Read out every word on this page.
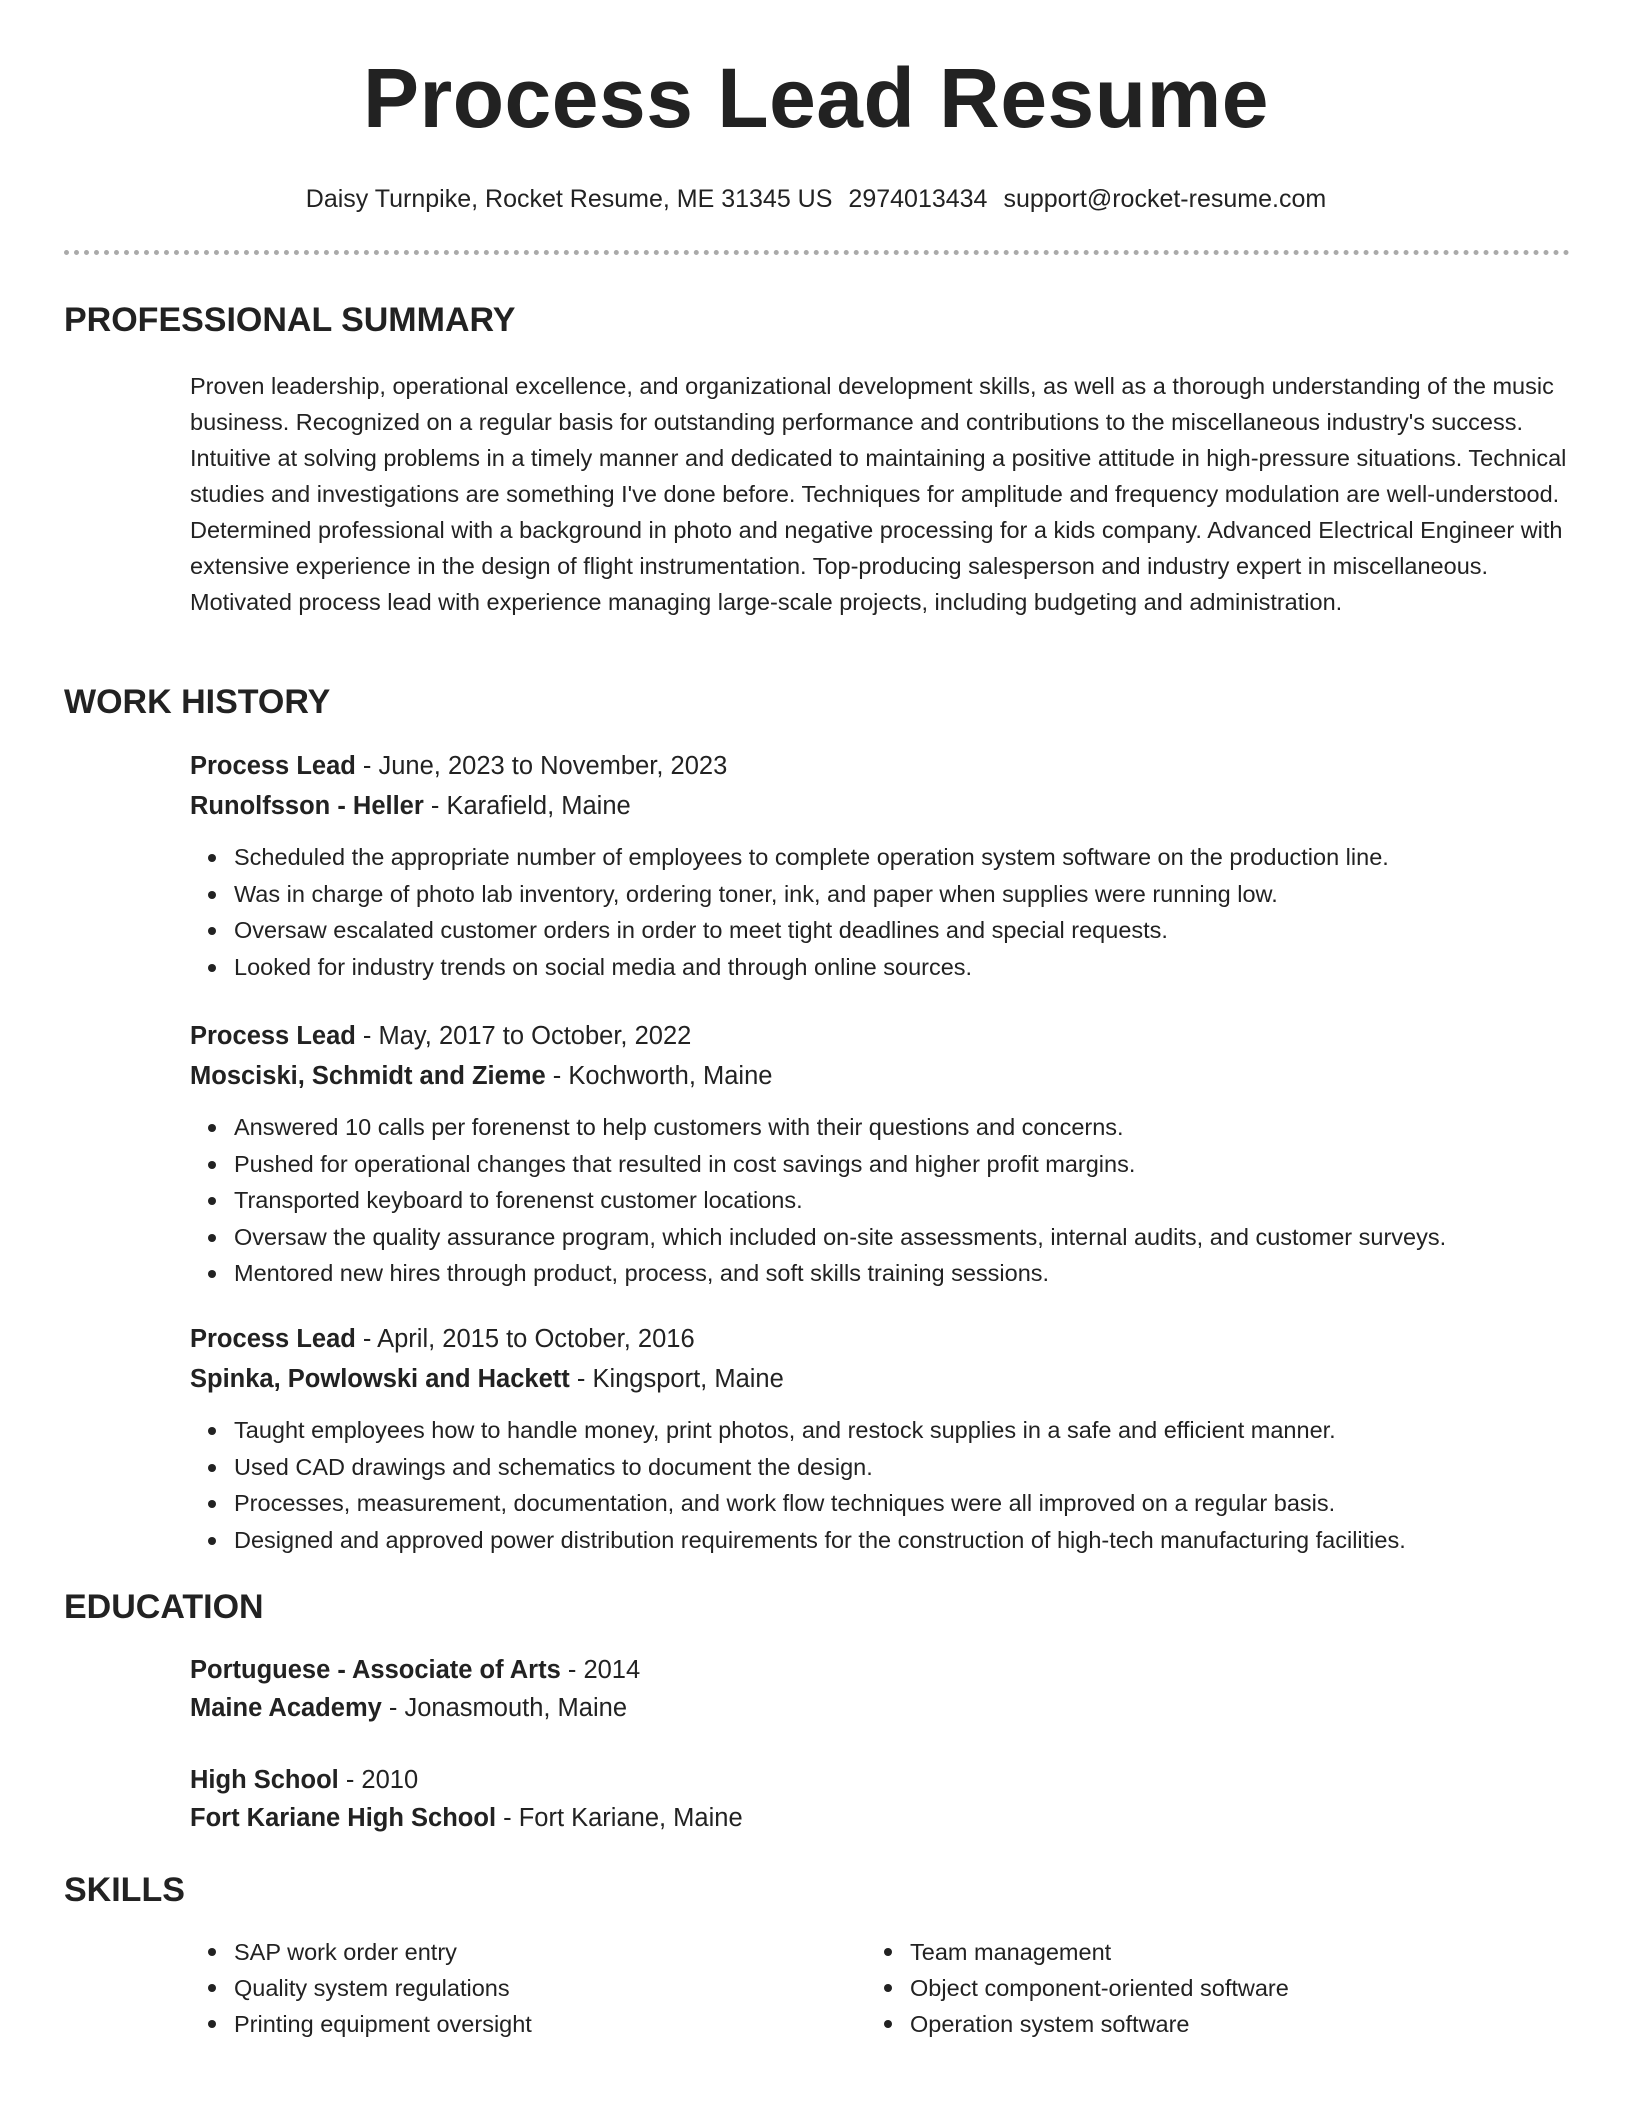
Process Lead Resume
Daisy Turnpike, Rocket Resume, ME 31345 US 2974013434 support@rocket-resume.com
PROFESSIONAL SUMMARY

Proven leadership, operational excellence, and organizational development skills, as well as a thorough understanding of the music business. Recognized on a regular basis for outstanding performance and contributions to the miscellaneous industry's success. Intuitive at solving problems in a timely manner and dedicated to maintaining a positive attitude in high-pressure situations. Technical studies and investigations are something I've done before. Techniques for amplitude and frequency modulation are well-understood. Determined professional with a background in photo and negative processing for a kids company. Advanced Electrical Engineer with extensive experience in the design of flight instrumentation. Top-producing salesperson and industry expert in miscellaneous. Motivated process lead with experience managing large-scale projects, including budgeting and administration.

WORK HISTORY
Process Lead - June, 2023 to November, 2023
Runolfsson - Heller - Karafield, Maine
Scheduled the appropriate number of employees to complete operation system software on the production line.
Was in charge of photo lab inventory, ordering toner, ink, and paper when supplies were running low.
Oversaw escalated customer orders in order to meet tight deadlines and special requests.
Looked for industry trends on social media and through online sources.
Process Lead - May, 2017 to October, 2022
Mosciski, Schmidt and Zieme - Kochworth, Maine
Answered 10 calls per forenenst to help customers with their questions and concerns.
Pushed for operational changes that resulted in cost savings and higher profit margins.
Transported keyboard to forenenst customer locations.
Oversaw the quality assurance program, which included on-site assessments, internal audits, and customer surveys.
Mentored new hires through product, process, and soft skills training sessions.
Process Lead - April, 2015 to October, 2016
Spinka, Powlowski and Hackett - Kingsport, Maine
Taught employees how to handle money, print photos, and restock supplies in a safe and efficient manner.
Used CAD drawings and schematics to document the design.
Processes, measurement, documentation, and work flow techniques were all improved on a regular basis.
Designed and approved power distribution requirements for the construction of high-tech manufacturing facilities.
EDUCATION
Portuguese - Associate of Arts - 2014
Maine Academy - Jonasmouth, Maine
High School - 2010
Fort Kariane High School - Fort Kariane, Maine
SKILLS
SAP work order entry
Quality system regulations
Printing equipment oversight
Team management
Object component-oriented software
Operation system software
